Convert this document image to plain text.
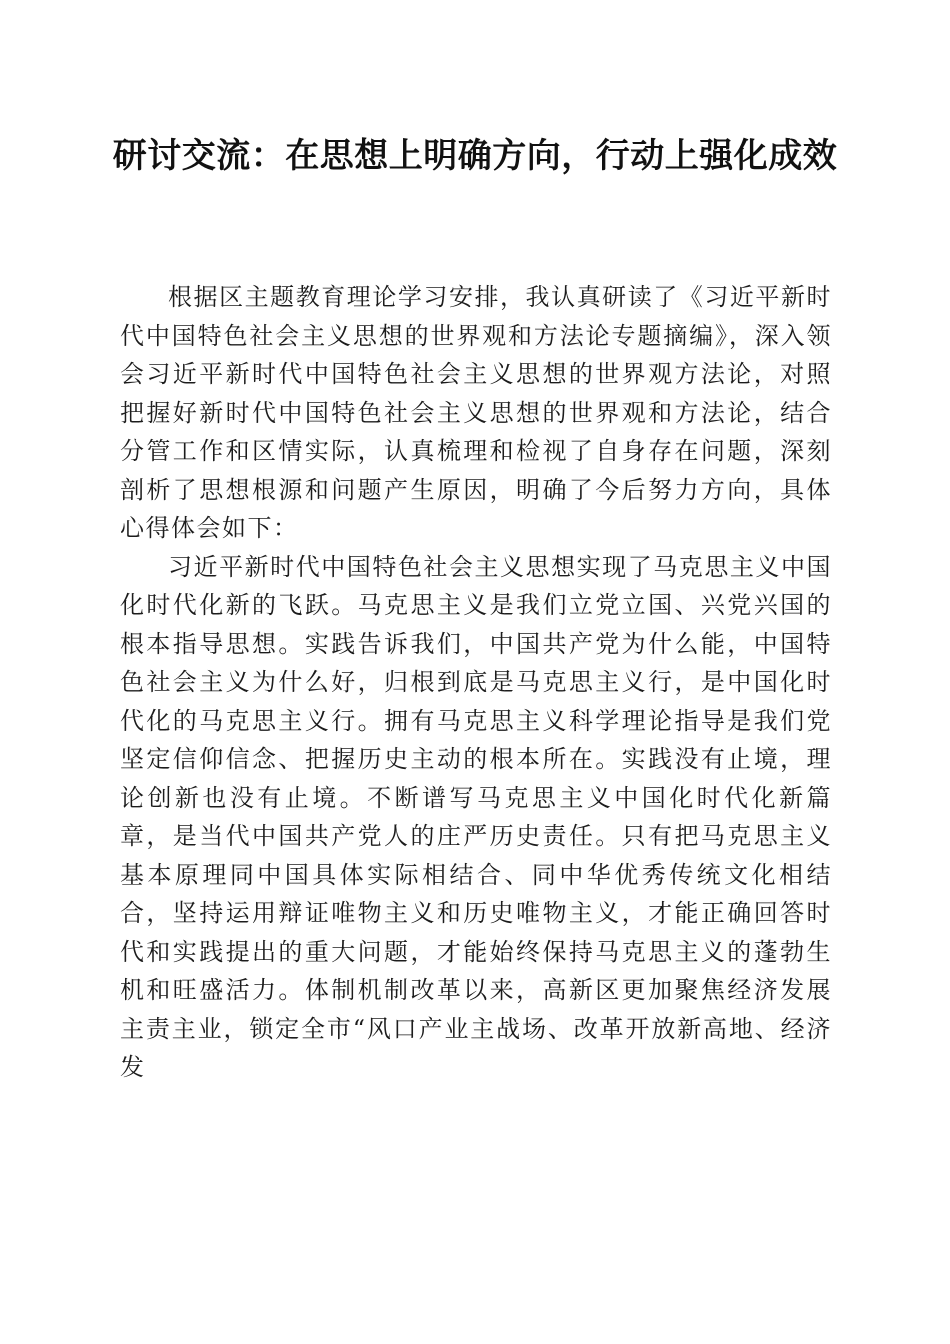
研讨交流：在思想上明确方向，行动上强化成效

根据区主题教育理论学习安排，我认真研读了《习近平新时代中国特色社会主义思想的世界观和方法论专题摘编》，深入领会习近平新时代中国特色社会主义思想的世界观方法论，对照把握好新时代中国特色社会主义思想的世界观和方法论，结合分管工作和区情实际，认真梳理和检视了自身存在问题，深刻剖析了思想根源和问题产生原因，明确了今后努力方向，具体心得体会如下：

习近平新时代中国特色社会主义思想实现了马克思主义中国化时代化新的飞跃。马克思主义是我们立党立国、兴党兴国的根本指导思想。实践告诉我们，中国共产党为什么能，中国特色社会主义为什么好，归根到底是马克思主义行，是中国化时代化的马克思主义行。拥有马克思主义科学理论指导是我们党坚定信仰信念、把握历史主动的根本所在。实践没有止境，理论创新也没有止境。不断谱写马克思主义中国化时代化新篇章，是当代中国共产党人的庄严历史责任。只有把马克思主义基本原理同中国具体实际相结合、同中华优秀传统文化相结合，坚持运用辩证唯物主义和历史唯物主义，才能正确回答时代和实践提出的重大问题，才能始终保持马克思主义的蓬勃生机和旺盛活力。体制机制改革以来，高新区更加聚焦经济发展主责主业，锁定全市“风口产业主战场、改革开放新高地、经济发
